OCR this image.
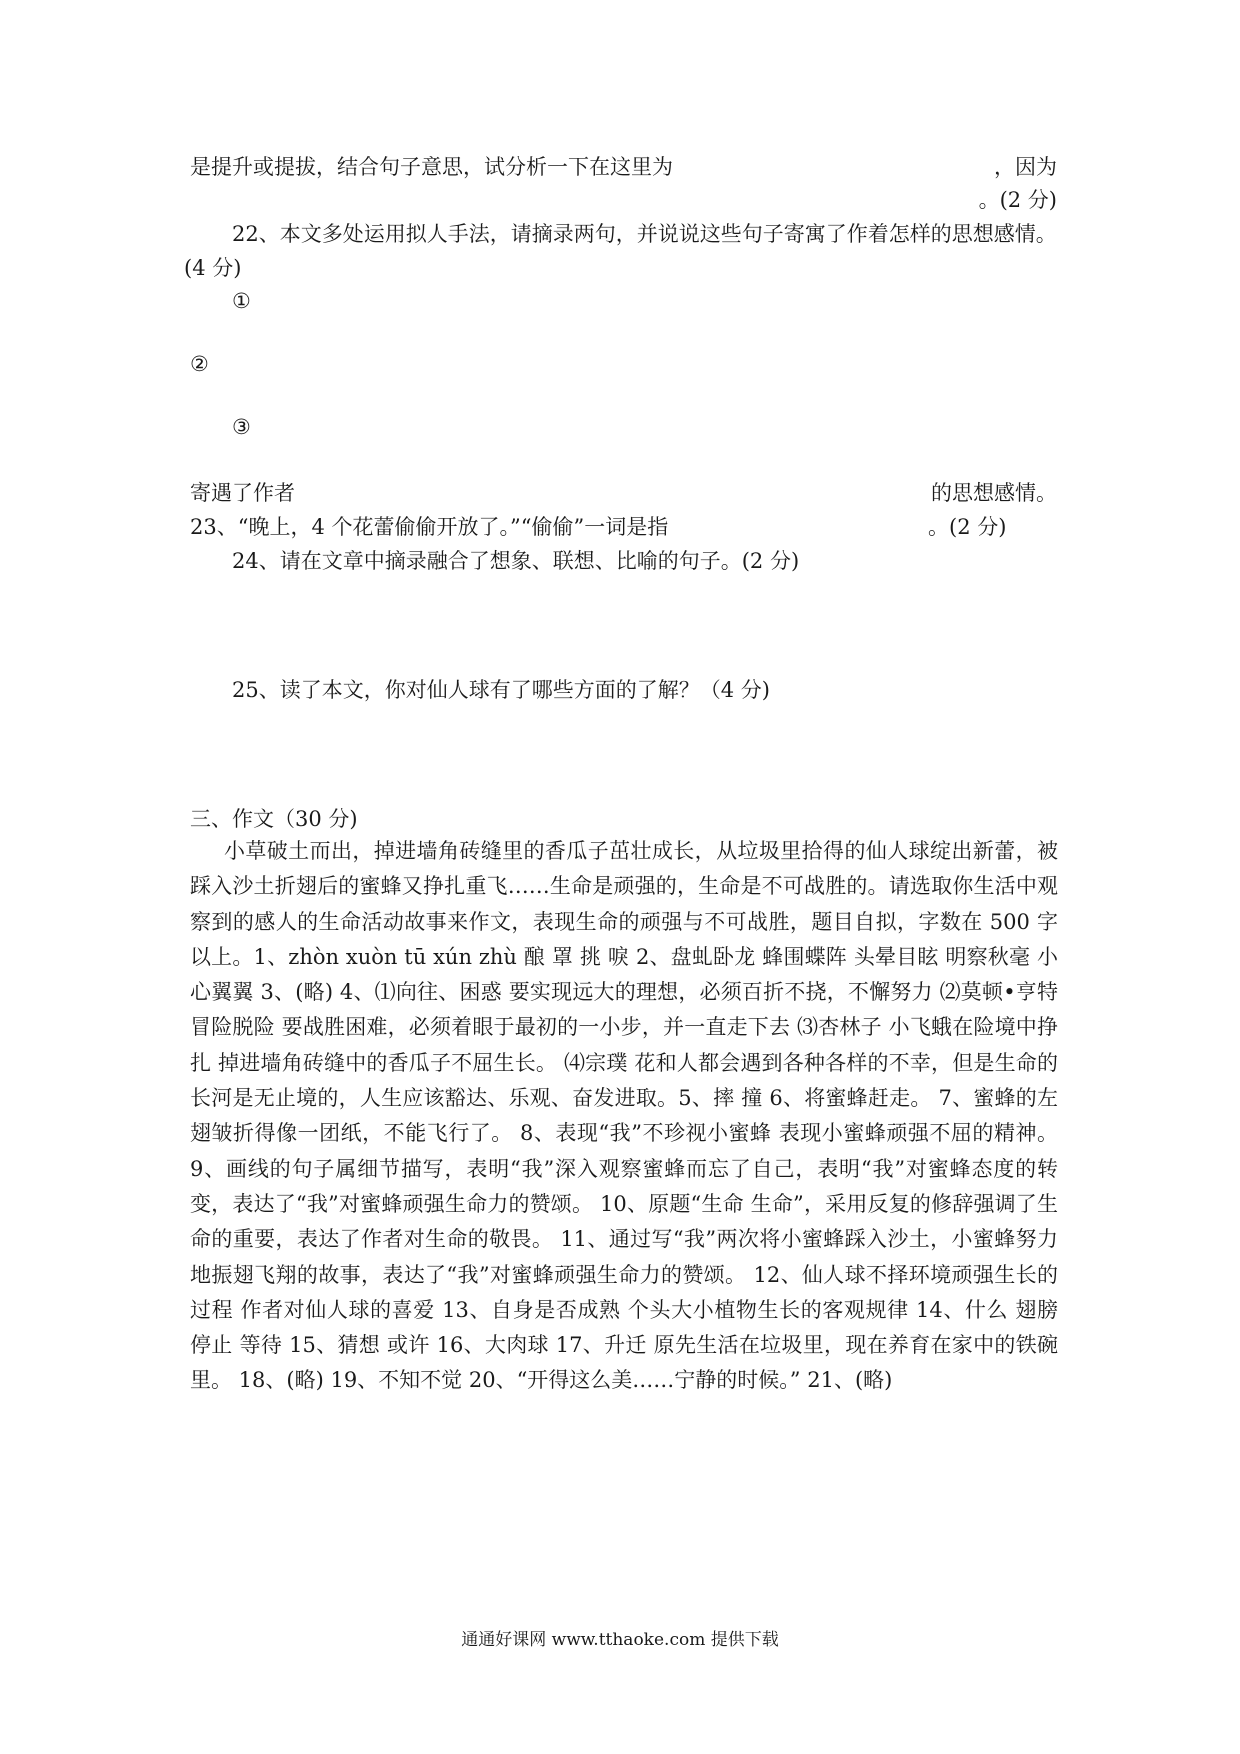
是提升或提拔，结合句子意思，试分析一下在这里为	，因为
。(2 分)
22、本文多处运用拟人手法，请摘录两句，并说说这些句子寄寓了作着怎样的思想感情。
(4 分)
①
②
③
寄遇了作者	的思想感情。
23、“晚上，4 个花蕾偷偷开放了。”“偷偷”一词是指	。(2 分)
24、请在文章中摘录融合了想象、联想、比喻的句子。(2 分)
25、读了本文，你对仙人球有了哪些方面的了解？（4 分)
三、作文（30 分)

小草破土而出，掉进墙角砖缝里的香瓜子茁壮成长，从垃圾里拾得的仙人球绽出新蕾，被踩入沙土折翅后的蜜蜂又挣扎重飞……生命是顽强的，生命是不可战胜的。请选取你生活中观察到的感人的生命活动故事来作文，表现生命的顽强与不可战胜，题目自拟，字数在 500 字以上。1、zhòn xuòn tū xún zhù 酿 罩 挑 唳 2、盘虬卧龙 蜂围蝶阵 头晕目眩 明察秋毫 小心翼翼 3、(略) 4、⑴向往、困惑 要实现远大的理想，必须百折不挠，不懈努力 ⑵莫顿•亨特 冒险脱险 要战胜困难，必须着眼于最初的一小步，并一直走下去 ⑶杏林子 小飞蛾在险境中挣扎 掉进墙角砖缝中的香瓜子不屈生长。 ⑷宗璞 花和人都会遇到各种各样的不幸，但是生命的长河是无止境的，人生应该豁达、乐观、奋发进取。5、摔 撞 6、将蜜蜂赶走。 7、蜜蜂的左翅皱折得像一团纸，不能飞行了。 8、表现“我”不珍视小蜜蜂 表现小蜜蜂顽强不屈的精神。 9、画线的句子属细节描写，表明“我”深入观察蜜蜂而忘了自己，表明“我”对蜜蜂态度的转变，表达了“我”对蜜蜂顽强生命力的赞颂。 10、原题“生命 生命”，采用反复的修辞强调了生命的重要，表达了作者对生命的敬畏。 11、通过写“我”两次将小蜜蜂踩入沙土，小蜜蜂努力地振翅飞翔的故事，表达了“我”对蜜蜂顽强生命力的赞颂。 12、仙人球不择环境顽强生长的过程 作者对仙人球的喜爱 13、自身是否成熟 个头大小植物生长的客观规律 14、什么 翅膀 停止 等待 15、猜想 或许 16、大肉球 17、升迁 原先生活在垃圾里，现在养育在家中的铁碗里。 18、(略) 19、不知不觉 20、“开得这么美……宁静的时候。” 21、(略)

通通好课网 www.tthaoke.com 提供下载
